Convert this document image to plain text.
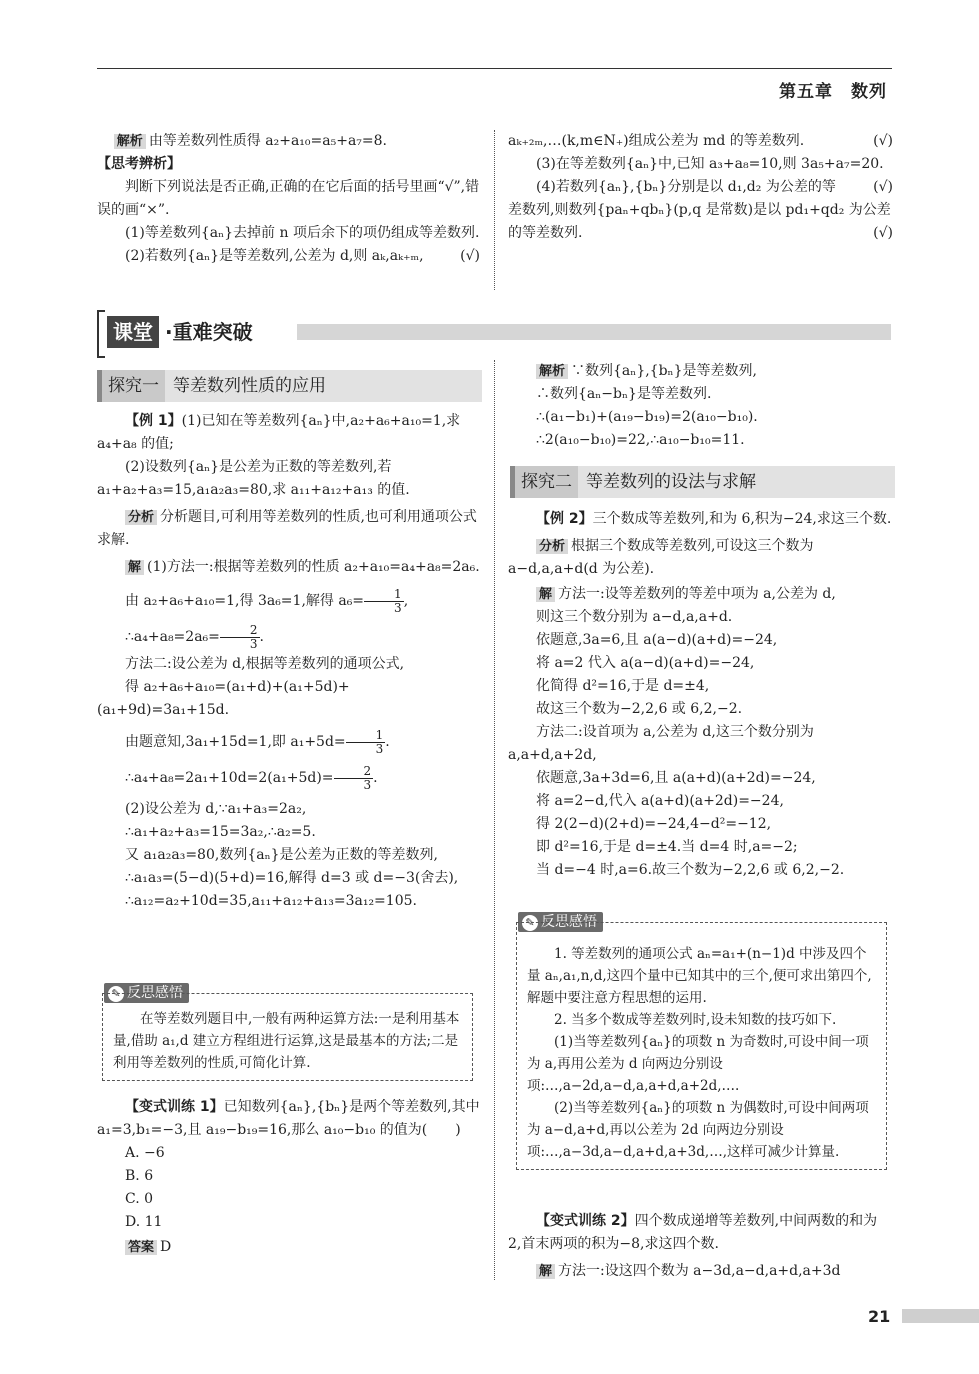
第五章　数列

解析 由等差数列性质得 a₂+a₁₀=a₅+a₇=8.

【思考辨析】

判断下列说法是否正确,正确的在它后面的括号里画“√”,错误的画“×”.

(1)等差数列{aₙ}去掉前 n 项后余下的项仍组成等差数列.
(√)

(2)若数列{aₙ}是等差数列,公差为 d,则 aₖ,aₖ₊ₘ,

aₖ₊₂ₘ,…(k,m∈N₊)组成公差为 md 的等差数列.	(√)

(3)在等差数列{aₙ}中,已知 a₃+a₈=10,则 3a₅+a₇=20.
(√)

(4)若数列{aₙ},{bₙ}分别是以 d₁,d₂ 为公差的等差数列,则数列{paₙ+qbₙ}(p,q 是常数)是以 pd₁+qd₂ 为公差的等差数列.	(√)

课堂 ·重难突破
探究一 等差数列性质的应用

【例 1】(1)已知在等差数列{aₙ}中,a₂+a₆+a₁₀=1,求 a₄+a₈ 的值;

(2)设数列{aₙ}是公差为正数的等差数列,若 a₁+a₂+a₃=15,a₁a₂a₃=80,求 a₁₁+a₁₂+a₁₃ 的值.

分析 分析题目,可利用等差数列的性质,也可利用通项公式求解.

解 (1)方法一:根据等差数列的性质 a₂+a₁₀=a₄+a₈=2a₆.

由 a₂+a₆+a₁₀=1,得 3a₆=1,解得 $a_6= \frac{1}{3}$ ,

∴a₄+a₈=2a₆= $\frac{2}{3}$ .

方法二:设公差为 d,根据等差数列的通项公式,

得 a₂+a₆+a₁₀=(a₁+d)+(a₁+5d)+(a₁+9d)=3a₁+15d.

由题意知,3a₁+15d=1,即 $a_1+5d= \frac{1}{3}$ .

∴a₄+a₈=2a₁+10d=2(a₁+5d)= $\frac{2}{3}$ .

(2)设公差为 d,∵a₁+a₃=2a₂,

∴a₁+a₂+a₃=15=3a₂,∴a₂=5.

又 a₁a₂a₃=80,数列{aₙ}是公差为正数的等差数列,

∴a₁a₃=(5−d)(5+d)=16,解得 d=3 或 d=−3(舍去),

∴a₁₂=a₂+10d=35,a₁₁+a₁₂+a₁₃=3a₁₂=105.

✎ 反思感悟

在等差数列题目中,一般有两种运算方法:一是利用基本量,借助 a₁,d 建立方程组进行运算,这是最基本的方法;二是利用等差数列的性质,可简化计算.

【变式训练 1】已知数列{aₙ},{bₙ}是两个等差数列,其中 a₁=3,b₁=−3,且 a₁₉−b₁₉=16,那么 a₁₀−b₁₀ 的值为(　　)

A. −6

B. 6

C. 0

D. 11

答案 D

解析 ∵数列{aₙ},{bₙ}是等差数列,

∴数列{aₙ−bₙ}是等差数列.

∴(a₁−b₁)+(a₁₉−b₁₉)=2(a₁₀−b₁₀).

∴2(a₁₀−b₁₀)=22,∴a₁₀−b₁₀=11.

探究二 等差数列的设法与求解

【例 2】三个数成等差数列,和为 6,积为−24,求这三个数.

分析 根据三个数成等差数列,可设这三个数为 a−d,a,a+d(d 为公差).

解 方法一:设等差数列的等差中项为 a,公差为 d,

则这三个数分别为 a−d,a,a+d.

依题意,3a=6,且 a(a−d)(a+d)=−24,

将 a=2 代入 a(a−d)(a+d)=−24,

化简得 d²=16,于是 d=±4,

故这三个数为−2,2,6 或 6,2,−2.

方法二:设首项为 a,公差为 d,这三个数分别为 a,a+d,a+2d,

依题意,3a+3d=6,且 a(a+d)(a+2d)=−24,

将 a=2−d,代入 a(a+d)(a+2d)=−24,

得 2(2−d)(2+d)=−24,4−d²=−12,

即 d²=16,于是 d=±4.当 d=4 时,a=−2;

当 d=−4 时,a=6.故三个数为−2,2,6 或 6,2,−2.

✎ 反思感悟

1. 等差数列的通项公式 aₙ=a₁+(n−1)d 中涉及四个量 aₙ,a₁,n,d,这四个量中已知其中的三个,便可求出第四个,解题中要注意方程思想的运用.

2. 当多个数成等差数列时,设未知数的技巧如下.

(1)当等差数列{aₙ}的项数 n 为奇数时,可设中间一项为 a,再用公差为 d 向两边分别设项:…,a−2d,a−d,a,a+d,a+2d,….

(2)当等差数列{aₙ}的项数 n 为偶数时,可设中间两项为 a−d,a+d,再以公差为 2d 向两边分别设项:…,a−3d,a−d,a+d,a+3d,…,这样可减少计算量.

【变式训练 2】四个数成递增等差数列,中间两数的和为 2,首末两项的积为−8,求这四个数.

解 方法一:设这四个数为 a−3d,a−d,a+d,a+3d

21
